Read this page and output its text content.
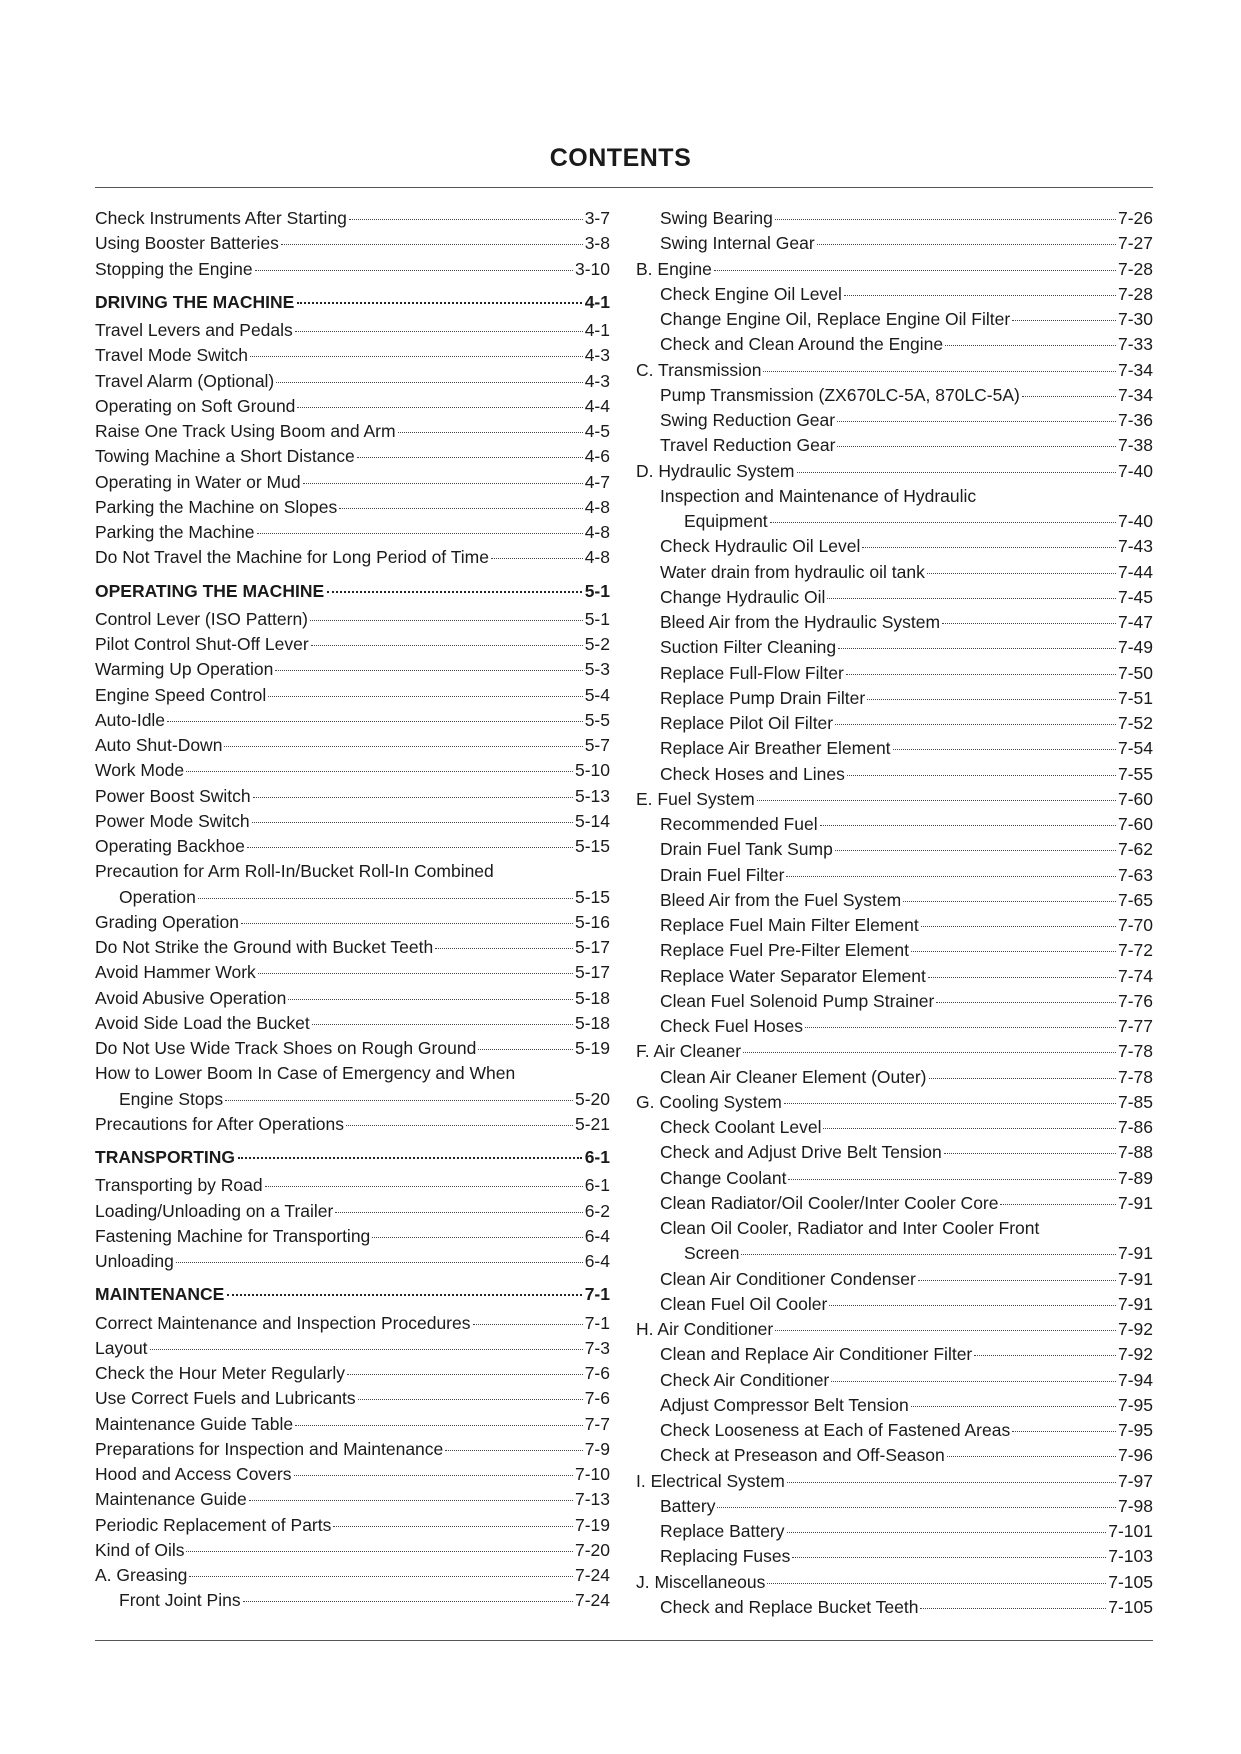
CONTENTS
Check Instruments After Starting	3-7
Using Booster Batteries	3-8
Stopping the Engine	3-10
DRIVING THE MACHINE	4-1
Travel Levers and Pedals	4-1
Travel Mode Switch	4-3
Travel Alarm (Optional)	4-3
Operating on Soft Ground	4-4
Raise One Track Using Boom and Arm	4-5
Towing Machine a Short Distance	4-6
Operating in Water or Mud	4-7
Parking the Machine on Slopes	4-8
Parking the Machine	4-8
Do Not Travel the Machine for Long Period of Time	4-8
OPERATING THE MACHINE	5-1
Control Lever (ISO Pattern)	5-1
Pilot Control Shut-Off Lever	5-2
Warming Up Operation	5-3
Engine Speed Control	5-4
Auto-Idle	5-5
Auto Shut-Down	5-7
Work Mode	5-10
Power Boost Switch	5-13
Power Mode Switch	5-14
Operating Backhoe	5-15
Precaution for Arm Roll-In/Bucket Roll-In Combined
Operation	5-15
Grading Operation	5-16
Do Not Strike the Ground with Bucket Teeth	5-17
Avoid Hammer Work	5-17
Avoid Abusive Operation	5-18
Avoid Side Load the Bucket	5-18
Do Not Use Wide Track Shoes on Rough Ground	5-19
How to Lower Boom In Case of Emergency and When
Engine Stops	5-20
Precautions for After Operations	5-21
TRANSPORTING	6-1
Transporting by Road	6-1
Loading/Unloading on a Trailer	6-2
Fastening Machine for Transporting	6-4
Unloading	6-4
MAINTENANCE	7-1
Correct Maintenance and Inspection Procedures	7-1
Layout	7-3
Check the Hour Meter Regularly	7-6
Use Correct Fuels and Lubricants	7-6
Maintenance Guide Table	7-7
Preparations for Inspection and Maintenance	7-9
Hood and Access Covers	7-10
Maintenance Guide	7-13
Periodic Replacement of Parts	7-19
Kind of Oils	7-20
A. Greasing	7-24
Front Joint Pins	7-24
Swing Bearing	7-26
Swing Internal Gear	7-27
B. Engine	7-28
Check Engine Oil Level	7-28
Change Engine Oil, Replace Engine Oil Filter	7-30
Check and Clean Around the Engine	7-33
C. Transmission	7-34
Pump Transmission (ZX670LC-5A, 870LC-5A)	7-34
Swing Reduction Gear	7-36
Travel Reduction Gear	7-38
D. Hydraulic System	7-40
Inspection and Maintenance of Hydraulic
Equipment	7-40
Check Hydraulic Oil Level	7-43
Water drain from hydraulic oil tank	7-44
Change Hydraulic Oil	7-45
Bleed Air from the Hydraulic System	7-47
Suction Filter Cleaning	7-49
Replace Full-Flow Filter	7-50
Replace Pump Drain Filter	7-51
Replace Pilot Oil Filter	7-52
Replace Air Breather Element	7-54
Check Hoses and Lines	7-55
E. Fuel System	7-60
Recommended Fuel	7-60
Drain Fuel Tank Sump	7-62
Drain Fuel Filter	7-63
Bleed Air from the Fuel System	7-65
Replace Fuel Main Filter Element	7-70
Replace Fuel Pre-Filter Element	7-72
Replace Water Separator Element	7-74
Clean Fuel Solenoid Pump Strainer	7-76
Check Fuel Hoses	7-77
F. Air Cleaner	7-78
Clean Air Cleaner Element (Outer)	7-78
G. Cooling System	7-85
Check Coolant Level	7-86
Check and Adjust Drive Belt Tension	7-88
Change Coolant	7-89
Clean Radiator/Oil Cooler/Inter Cooler Core	7-91
Clean Oil Cooler, Radiator and Inter Cooler Front
Screen	7-91
Clean Air Conditioner Condenser	7-91
Clean Fuel Oil Cooler	7-91
H. Air Conditioner	7-92
Clean and Replace Air Conditioner Filter	7-92
Check Air Conditioner	7-94
Adjust Compressor Belt Tension	7-95
Check Looseness at Each of Fastened Areas	7-95
Check at Preseason and Off-Season	7-96
I. Electrical System	7-97
Battery	7-98
Replace Battery	7-101
Replacing Fuses	7-103
J. Miscellaneous	7-105
Check and Replace Bucket Teeth	7-105
